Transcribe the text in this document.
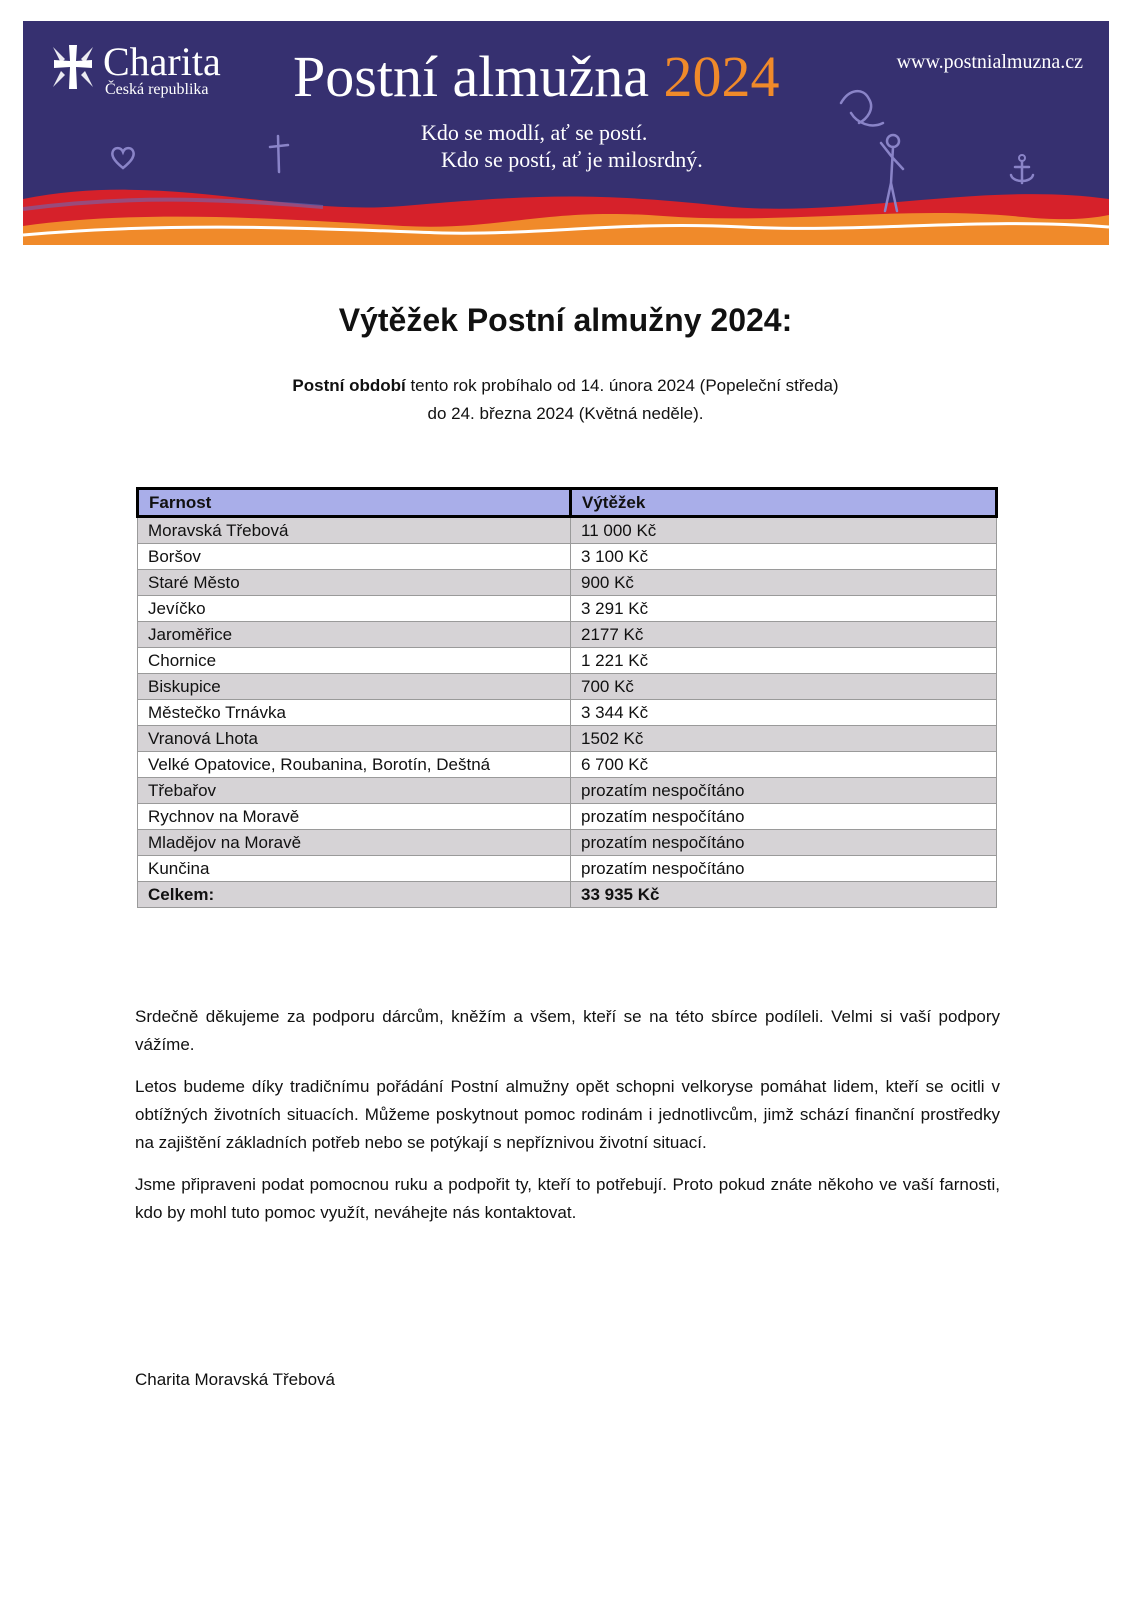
Charita
Česká republika Postní almužna 2024	www.postnialmuzna.cz
Kdo se modlí, ať se postí.
Kdo se postí, ať je milosrdný.
Výtěžek Postní almužny 2024:
Postní období tento rok probíhalo od 14. února 2024 (Popeleční středa)
do 24. března 2024 (Květná neděle).
Farnost	Výtěžek
Moravská Třebová	11 000 Kč
Boršov	3 100 Kč
Staré Město	900 Kč
Jevíčko	3 291 Kč
Jaroměřice	2177 Kč
Chornice	1 221 Kč
Biskupice	700 Kč
Městečko Trnávka	3 344 Kč
Vranová Lhota	1502 Kč
Velké Opatovice, Roubanina, Borotín, Deštná	6 700 Kč
Třebařov	prozatím nespočítáno
Rychnov na Moravě	prozatím nespočítáno
Mladějov na Moravě	prozatím nespočítáno
Kunčina	prozatím nespočítáno
Celkem:	33 935 Kč

Srdečně děkujeme za podporu dárcům, kněžím a všem, kteří se na této sbírce podíleli. Velmi si vaší podpory vážíme.

Letos budeme díky tradičnímu pořádání Postní almužny opět schopni velkoryse pomáhat lidem, kteří se ocitli v obtížných životních situacích. Můžeme poskytnout pomoc rodinám i jednotlivcům, jimž schází finanční prostředky na zajištění základních potřeb nebo se potýkají s nepříznivou životní situací.

Jsme připraveni podat pomocnou ruku a podpořit ty, kteří to potřebují. Proto pokud znáte někoho ve vaší farnosti, kdo by mohl tuto pomoc využít, neváhejte nás kontaktovat.

Charita Moravská Třebová
